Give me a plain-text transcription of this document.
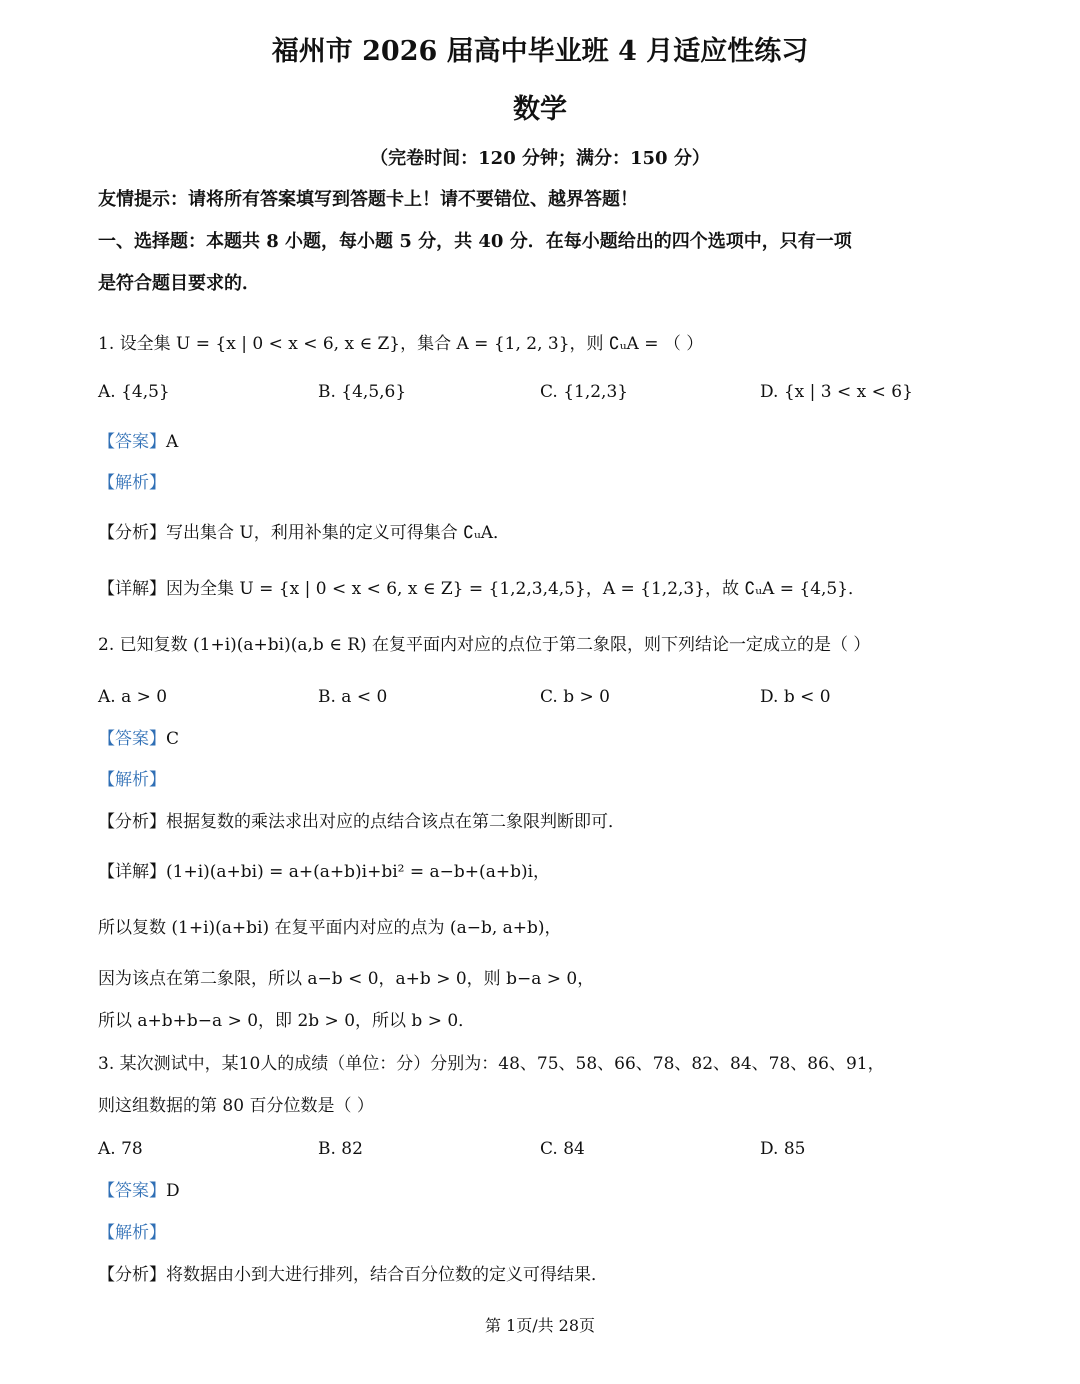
福州市 2026 届高中毕业班 4 月适应性练习
数学
（完卷时间：120 分钟；满分：150 分）
友情提示：请将所有答案填写到答题卡上！请不要错位、越界答题！
一、选择题：本题共 8 小题，每小题 5 分，共 40 分．在每小题给出的四个选项中，只有一项
是符合题目要求的．
1. 设全集 U = {x | 0 < x < 6, x ∈ Z}，集合 A = {1, 2, 3}，则 ∁ᵤA = （ ）
A. {4,5}	B. {4,5,6}	C. {1,2,3}	D. {x | 3 < x < 6}
【答案】A
【解析】
【分析】写出集合 U，利用补集的定义可得集合 ∁ᵤA．
【详解】因为全集 U = {x | 0 < x < 6, x ∈ Z} = {1,2,3,4,5}，A = {1,2,3}，故 ∁ᵤA = {4,5}．
2. 已知复数 (1+i)(a+bi)(a,b ∈ R) 在复平面内对应的点位于第二象限，则下列结论一定成立的是（ ）
A. a > 0	B. a < 0	C. b > 0	D. b < 0
【答案】C
【解析】
【分析】根据复数的乘法求出对应的点结合该点在第二象限判断即可．
【详解】(1+i)(a+bi) = a+(a+b)i+bi² = a−b+(a+b)i，
所以复数 (1+i)(a+bi) 在复平面内对应的点为 (a−b, a+b)，
因为该点在第二象限，所以 a−b < 0，a+b > 0，则 b−a > 0，
所以 a+b+b−a > 0，即 2b > 0，所以 b > 0．
3. 某次测试中，某10人的成绩（单位：分）分别为：48、75、58、66、78、82、84、78、86、91，
则这组数据的第 80 百分位数是（ ）
A. 78	B. 82	C. 84	D. 85
【答案】D
【解析】
【分析】将数据由小到大进行排列，结合百分位数的定义可得结果．
第 1页/共 28页
